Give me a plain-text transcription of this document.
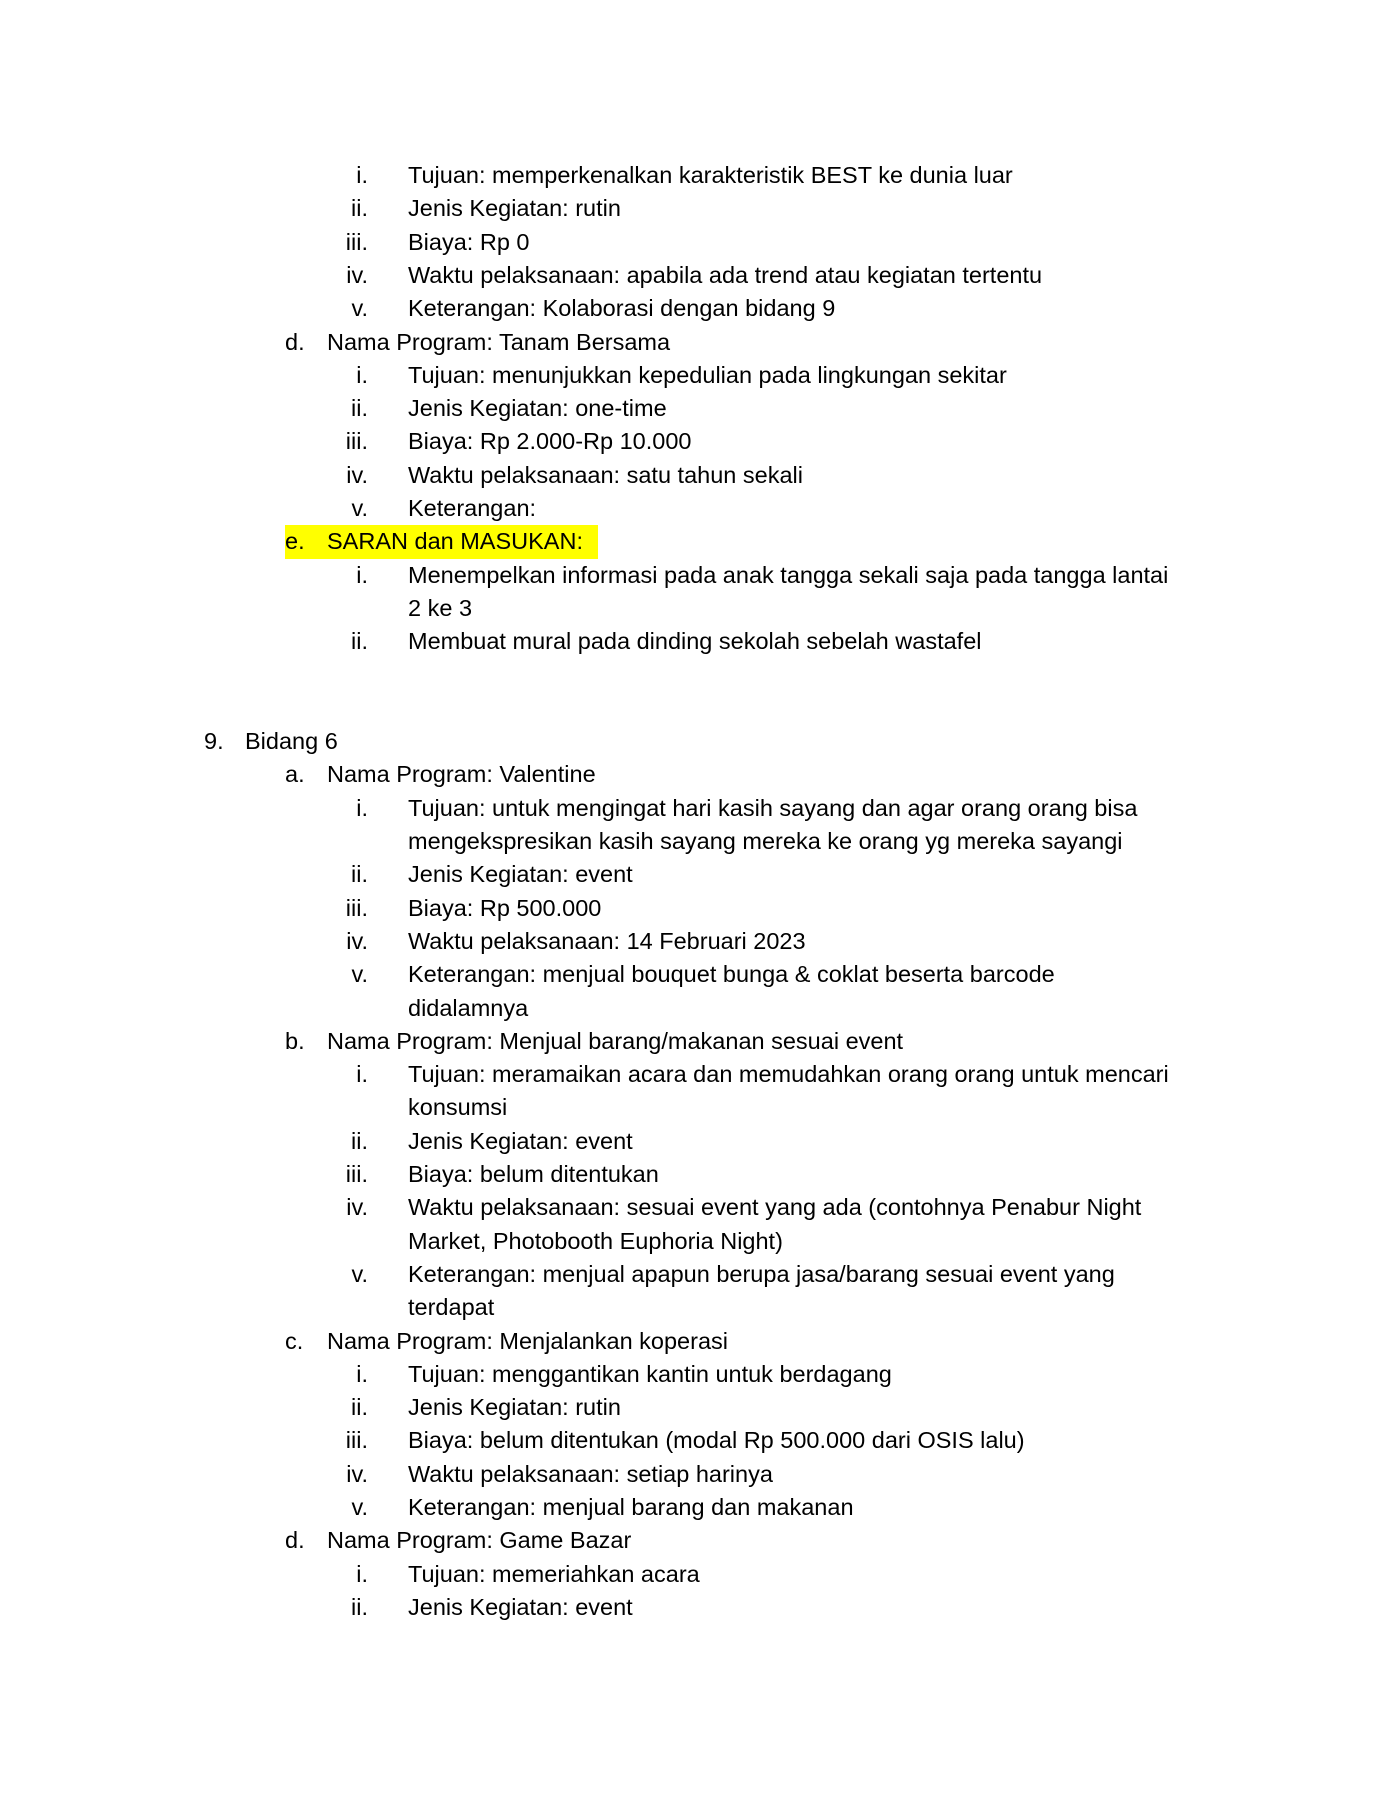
i. Tujuan: memperkenalkan karakteristik BEST ke dunia luar
ii. Jenis Kegiatan: rutin
iii. Biaya: Rp 0
iv. Waktu pelaksanaan: apabila ada trend atau kegiatan tertentu
v. Keterangan: Kolaborasi dengan bidang 9
d. Nama Program: Tanam Bersama
i. Tujuan: menunjukkan kepedulian pada lingkungan sekitar
ii. Jenis Kegiatan: one-time
iii. Biaya: Rp 2.000-Rp 10.000
iv. Waktu pelaksanaan: satu tahun sekali
v. Keterangan:
e. SARAN dan MASUKAN:
i. Menempelkan informasi pada anak tangga sekali saja pada tangga lantai
2 ke 3
ii. Membuat mural pada dinding sekolah sebelah wastafel
9. Bidang 6
a. Nama Program: Valentine
i. Tujuan: untuk mengingat hari kasih sayang dan agar orang orang bisa
mengekspresikan kasih sayang mereka ke orang yg mereka sayangi
ii. Jenis Kegiatan: event
iii. Biaya: Rp 500.000
iv. Waktu pelaksanaan: 14 Februari 2023
v. Keterangan: menjual bouquet bunga & coklat beserta barcode
didalamnya
b. Nama Program: Menjual barang/makanan sesuai event
i. Tujuan: meramaikan acara dan memudahkan orang orang untuk mencari
konsumsi
ii. Jenis Kegiatan: event
iii. Biaya: belum ditentukan
iv. Waktu pelaksanaan: sesuai event yang ada (contohnya Penabur Night
Market, Photobooth Euphoria Night)
v. Keterangan: menjual apapun berupa jasa/barang sesuai event yang
terdapat
c. Nama Program: Menjalankan koperasi
i. Tujuan: menggantikan kantin untuk berdagang
ii. Jenis Kegiatan: rutin
iii. Biaya: belum ditentukan (modal Rp 500.000 dari OSIS lalu)
iv. Waktu pelaksanaan: setiap harinya
v. Keterangan: menjual barang dan makanan
d. Nama Program: Game Bazar
i. Tujuan: memeriahkan acara
ii. Jenis Kegiatan: event
